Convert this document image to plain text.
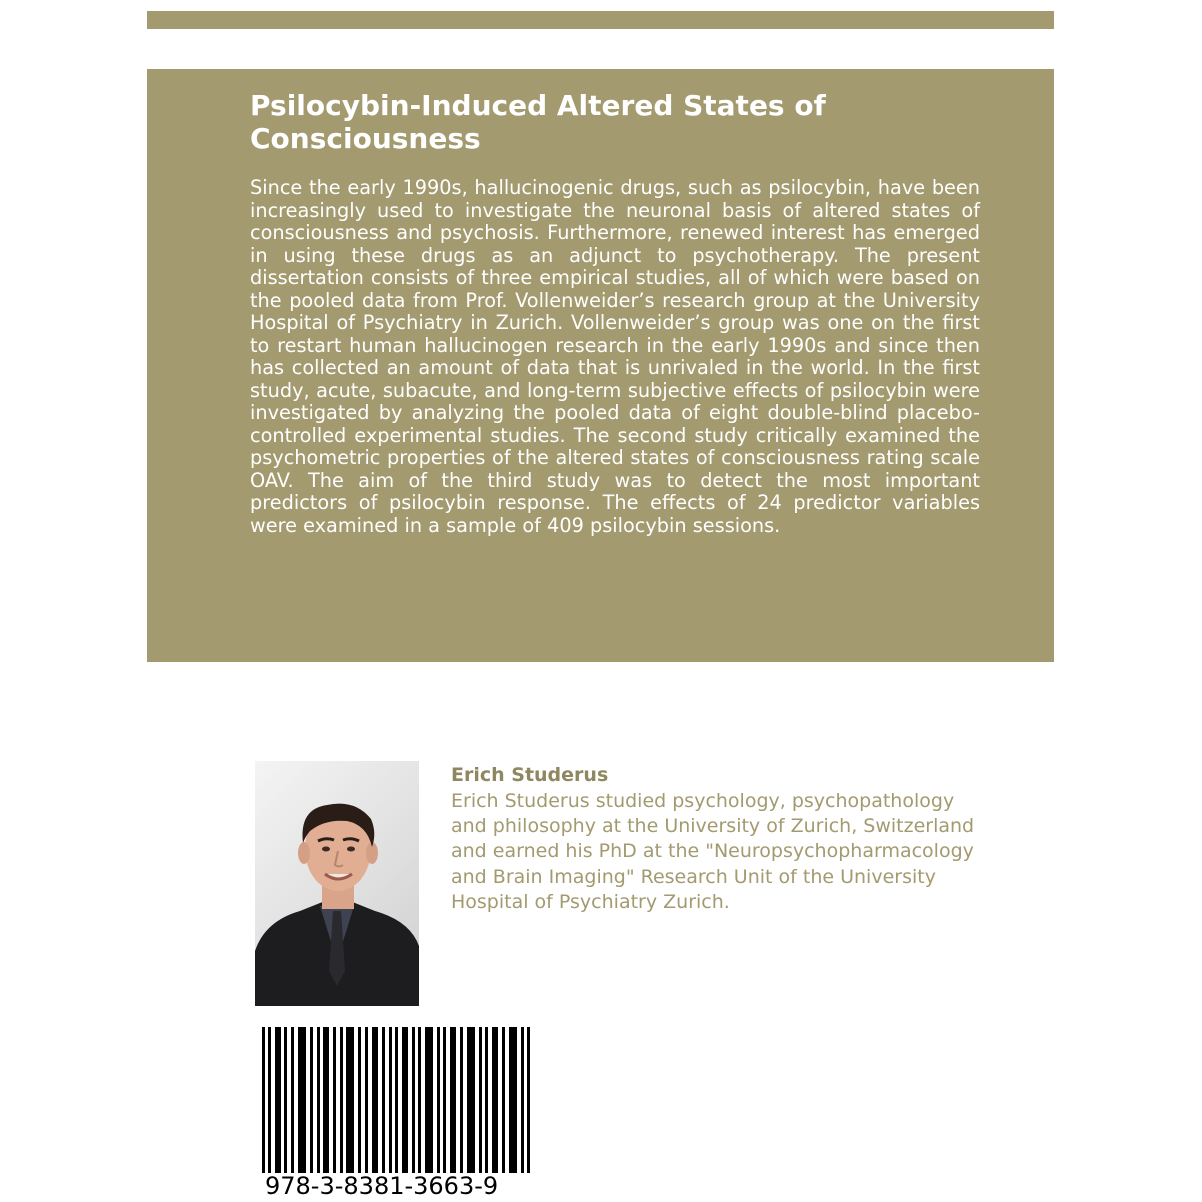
Psilocybin-Induced Altered States of Consciousness

Since the early 1990s, hallucinogenic drugs, such as psilocybin, have been increasingly used to investigate the neuronal basis of altered states of consciousness and psychosis. Furthermore, renewed interest has emerged in using these drugs as an adjunct to psychotherapy. The present dissertation consists of three empirical studies, all of which were based on the pooled data from Prof. Vollenweider’s research group at the University Hospital of Psychiatry in Zurich. Vollenweider’s group was one on the first to restart human hallucinogen research in the early 1990s and since then has collected an amount of data that is unrivaled in the world. In the first study, acute, subacute, and long-term subjective effects of psilocybin were investigated by analyzing the pooled data of eight double-blind placebo-controlled experimental studies. The second study critically examined the psychometric properties of the altered states of consciousness rating scale OAV. The aim of the third study was to detect the most important predictors of psilocybin response. The effects of 24 predictor variables were examined in a sample of 409 psilocybin sessions.

Erich Studerus

Erich Studerus studied psychology, psychopathology and philosophy at the University of Zurich, Switzerland and earned his PhD at the "Neuropsychopharmacology and Brain Imaging" Research Unit of the University Hospital of Psychiatry Zurich.

978-3-8381-3663-9
